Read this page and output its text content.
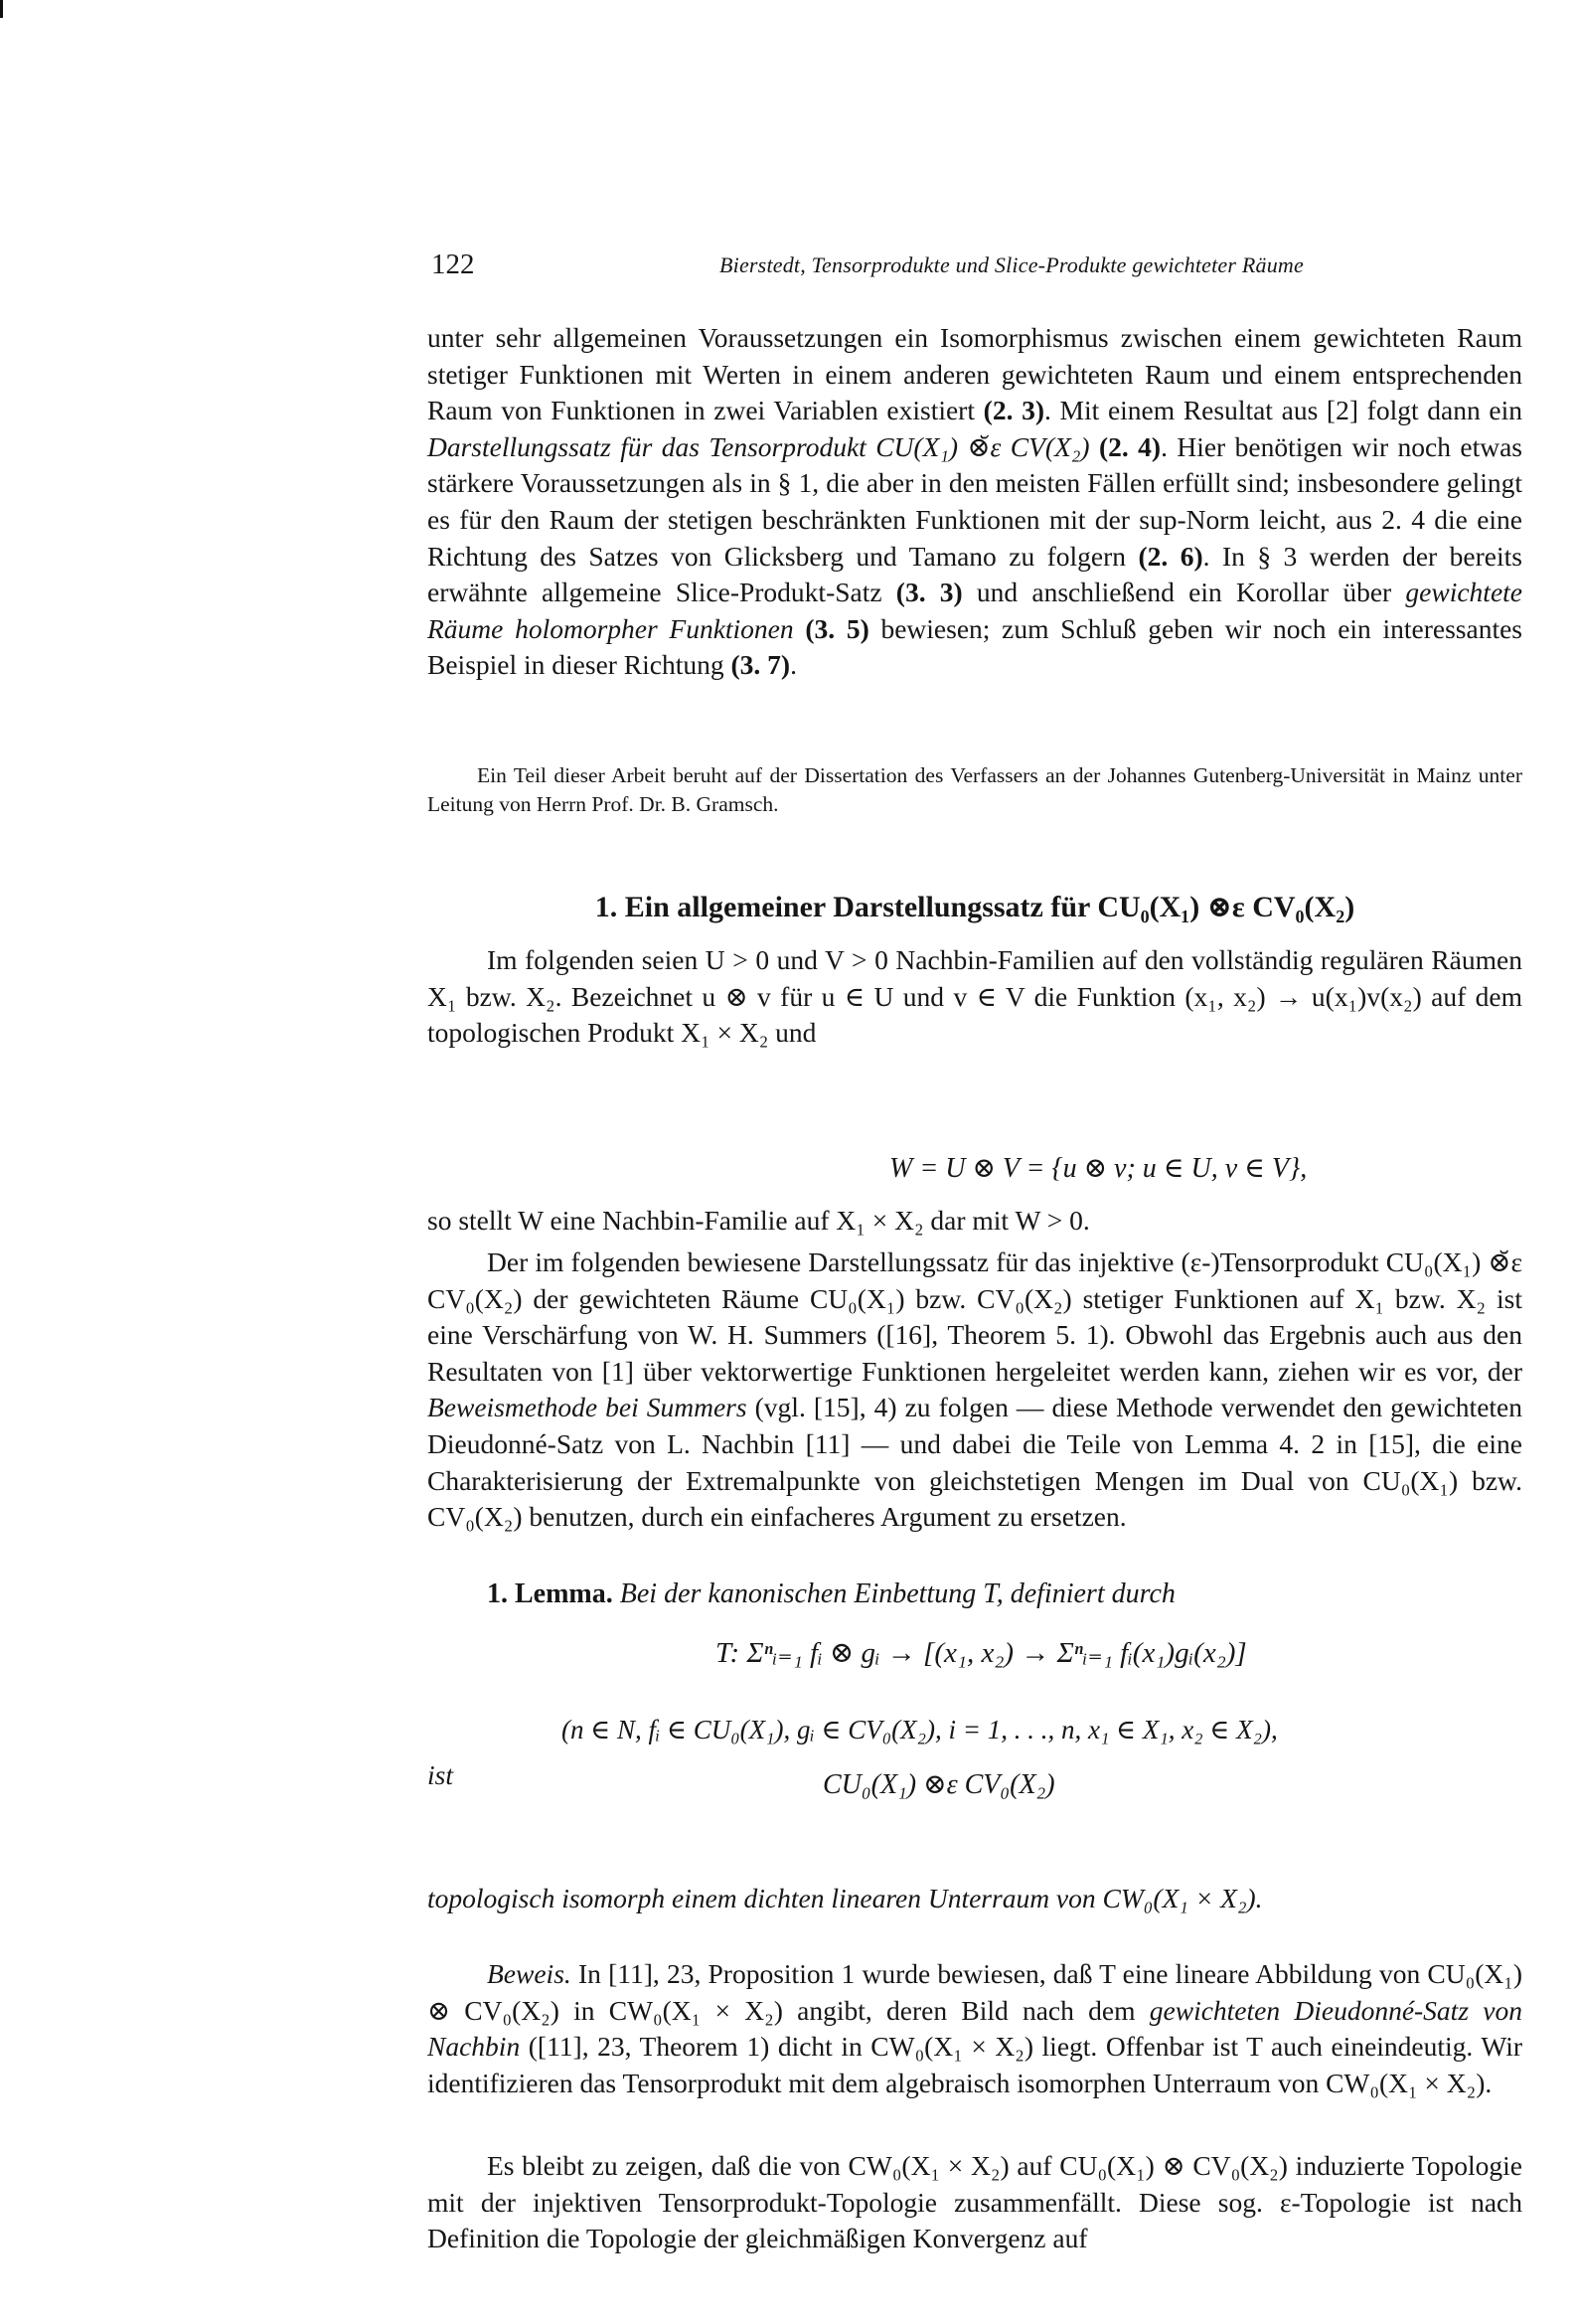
122	Bierstedt, Tensorprodukte und Slice-Produkte gewichteter Räume

unter sehr allgemeinen Voraussetzungen ein Isomorphismus zwischen einem gewichteten Raum stetiger Funktionen mit Werten in einem anderen gewichteten Raum und einem entsprechenden Raum von Funktionen in zwei Variablen existiert (2. 3). Mit einem Resultat aus [2] folgt dann ein Darstellungssatz für das Tensorprodukt CU(X₁) ⊗̆ε CV(X₂) (2. 4). Hier benötigen wir noch etwas stärkere Voraussetzungen als in § 1, die aber in den meisten Fällen erfüllt sind; insbesondere gelingt es für den Raum der stetigen beschränkten Funktionen mit der sup-Norm leicht, aus 2. 4 die eine Richtung des Satzes von Glicksberg und Tamano zu folgern (2. 6). In § 3 werden der bereits erwähnte allgemeine Slice-Produkt-Satz (3. 3) und anschließend ein Korollar über gewichtete Räume holomorpher Funktionen (3. 5) bewiesen; zum Schluß geben wir noch ein interessantes Beispiel in dieser Richtung (3. 7).

Ein Teil dieser Arbeit beruht auf der Dissertation des Verfassers an der Johannes Gutenberg-Universität in Mainz unter Leitung von Herrn Prof. Dr. B. Gramsch.

1. Ein allgemeiner Darstellungssatz für CU₀(X₁) ⊗ε CV₀(X₂)

Im folgenden seien U > 0 und V > 0 Nachbin-Familien auf den vollständig regulären Räumen X₁ bzw. X₂. Bezeichnet u ⊗ v für u ∈ U und v ∈ V die Funktion (x₁, x₂) → u(x₁)v(x₂) auf dem topologischen Produkt X₁ × X₂ und

W = U ⊗ V = {u ⊗ v; u ∈ U, v ∈ V},

so stellt W eine Nachbin-Familie auf X₁ × X₂ dar mit W > 0.

Der im folgenden bewiesene Darstellungssatz für das injektive (ε-)Tensorprodukt CU₀(X₁) ⊗̆ε CV₀(X₂) der gewichteten Räume CU₀(X₁) bzw. CV₀(X₂) stetiger Funktionen auf X₁ bzw. X₂ ist eine Verschärfung von W. H. Summers ([16], Theorem 5. 1). Obwohl das Ergebnis auch aus den Resultaten von [1] über vektorwertige Funktionen hergeleitet werden kann, ziehen wir es vor, der Beweismethode bei Summers (vgl. [15], 4) zu folgen — diese Methode verwendet den gewichteten Dieudonné-Satz von L. Nachbin [11] — und dabei die Teile von Lemma 4. 2 in [15], die eine Charakterisierung der Extremalpunkte von gleichstetigen Mengen im Dual von CU₀(X₁) bzw. CV₀(X₂) benutzen, durch ein einfacheres Argument zu ersetzen.

1. Lemma. Bei der kanonischen Einbettung T, definiert durch
T: Σⁿᵢ₌₁ fᵢ ⊗ gᵢ → [(x₁, x₂) → Σⁿᵢ₌₁ fᵢ(x₁)gᵢ(x₂)]
(n ∈ N, fᵢ ∈ CU₀(X₁), gᵢ ∈ CV₀(X₂), i = 1, . . ., n, x₁ ∈ X₁, x₂ ∈ X₂),
ist	CU₀(X₁) ⊗ε CV₀(X₂)

topologisch isomorph einem dichten linearen Unterraum von CW₀(X₁ × X₂).

Beweis. In [11], 23, Proposition 1 wurde bewiesen, daß T eine lineare Abbildung von CU₀(X₁) ⊗ CV₀(X₂) in CW₀(X₁ × X₂) angibt, deren Bild nach dem gewichteten Dieudonné-Satz von Nachbin ([11], 23, Theorem 1) dicht in CW₀(X₁ × X₂) liegt. Offenbar ist T auch eineindeutig. Wir identifizieren das Tensorprodukt mit dem algebraisch isomorphen Unterraum von CW₀(X₁ × X₂).

Es bleibt zu zeigen, daß die von CW₀(X₁ × X₂) auf CU₀(X₁) ⊗ CV₀(X₂) induzierte Topologie mit der injektiven Tensorprodukt-Topologie zusammenfällt. Diese sog. ε-Topologie ist nach Definition die Topologie der gleichmäßigen Konvergenz auf
